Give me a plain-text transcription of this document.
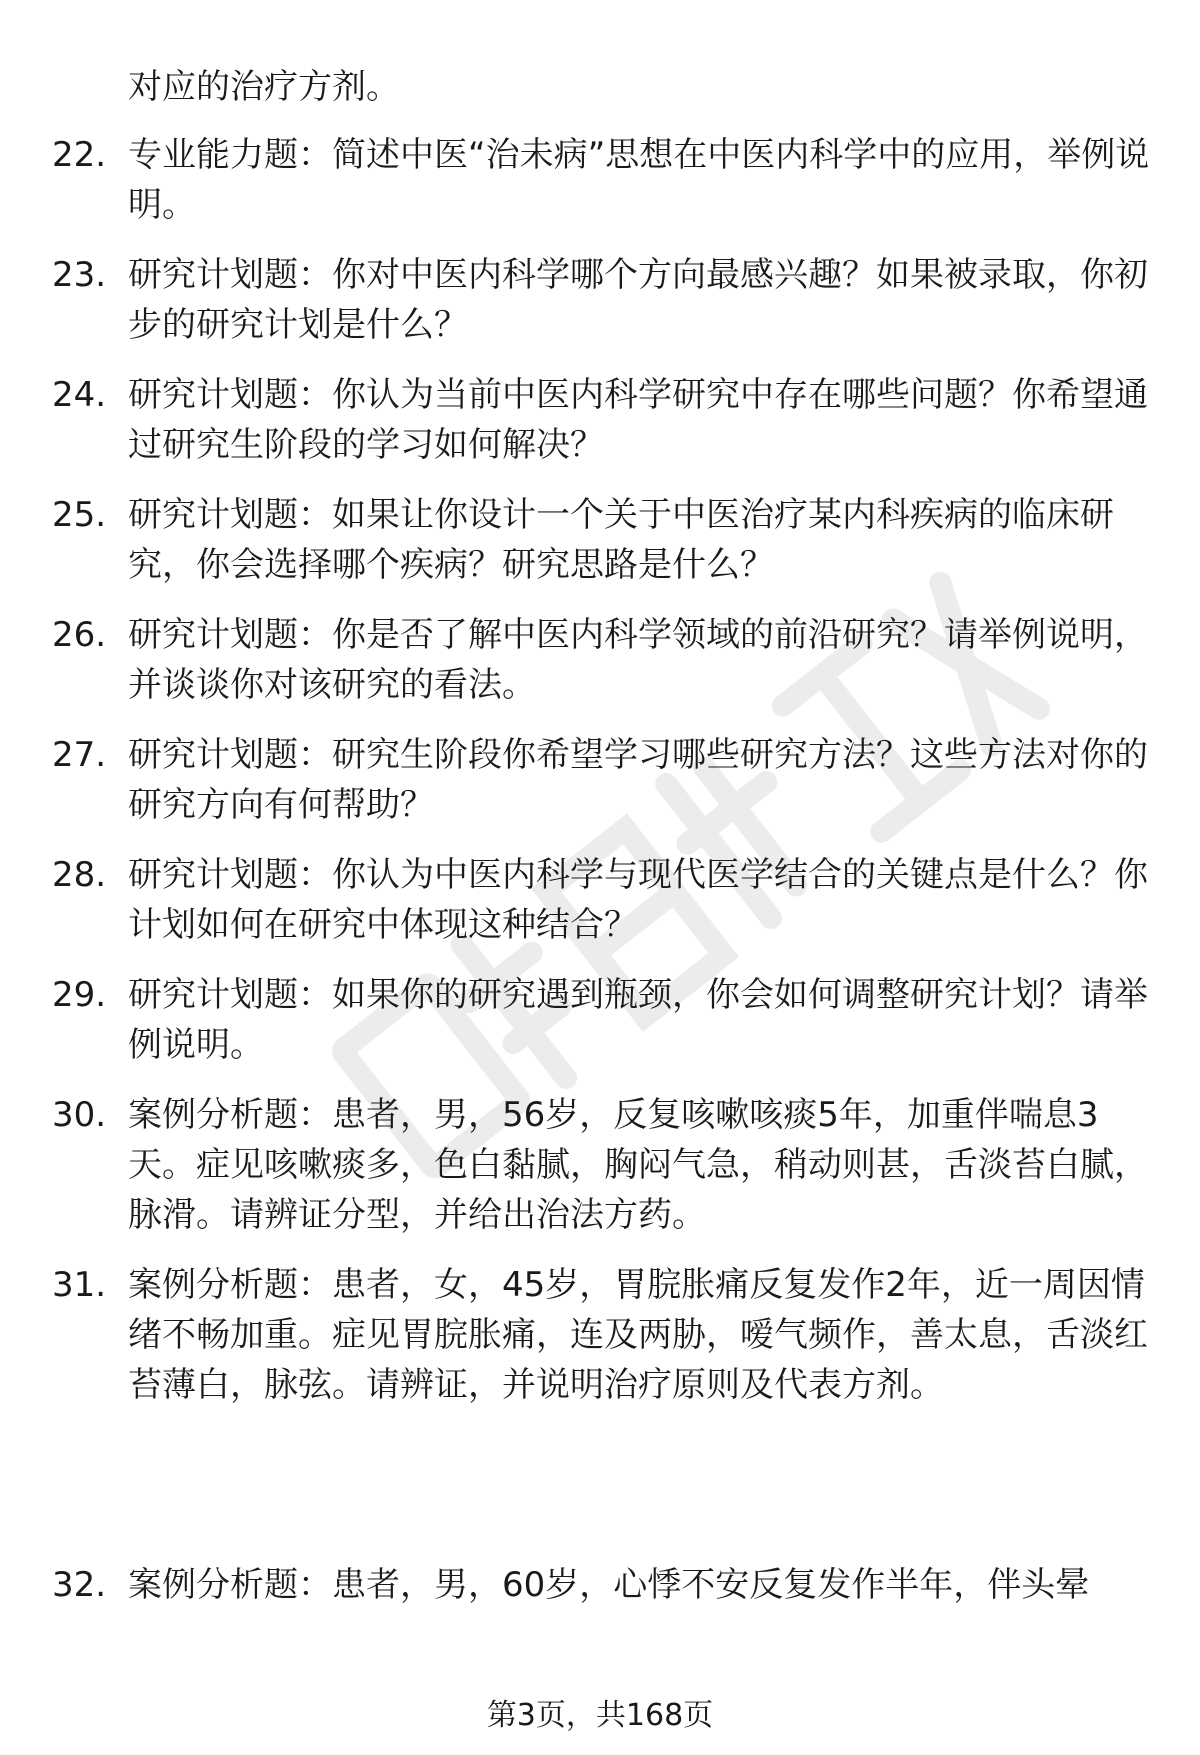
对应的治疗方剂。
22. 专业能力题：简述中医“治未病”思想在中医内科学中的应用，举例说明。
23. 研究计划题：你对中医内科学哪个方向最感兴趣？如果被录取，你初步的研究计划是什么？
24. 研究计划题：你认为当前中医内科学研究中存在哪些问题？你希望通过研究生阶段的学习如何解决？
25. 研究计划题：如果让你设计一个关于中医治疗某内科疾病的临床研究，你会选择哪个疾病？研究思路是什么？
26. 研究计划题：你是否了解中医内科学领域的前沿研究？请举例说明，并谈谈你对该研究的看法。
27. 研究计划题：研究生阶段你希望学习哪些研究方法？这些方法对你的研究方向有何帮助？
28. 研究计划题：你认为中医内科学与现代医学结合的关键点是什么？你计划如何在研究中体现这种结合？
29. 研究计划题：如果你的研究遇到瓶颈，你会如何调整研究计划？请举例说明。
30. 案例分析题：患者，男，56岁，反复咳嗽咳痰5年，加重伴喘息3天。症见咳嗽痰多，色白黏腻，胸闷气急，稍动则甚，舌淡苔白腻，脉滑。请辨证分型，并给出治法方药。
31. 案例分析题：患者，女，45岁，胃脘胀痛反复发作2年，近一周因情绪不畅加重。症见胃脘胀痛，连及两胁，嗳气频作，善太息，舌淡红苔薄白，脉弦。请辨证，并说明治疗原则及代表方剂。
32. 案例分析题：患者，男，60岁，心悸不安反复发作半年，伴头晕
第3页，共168页
